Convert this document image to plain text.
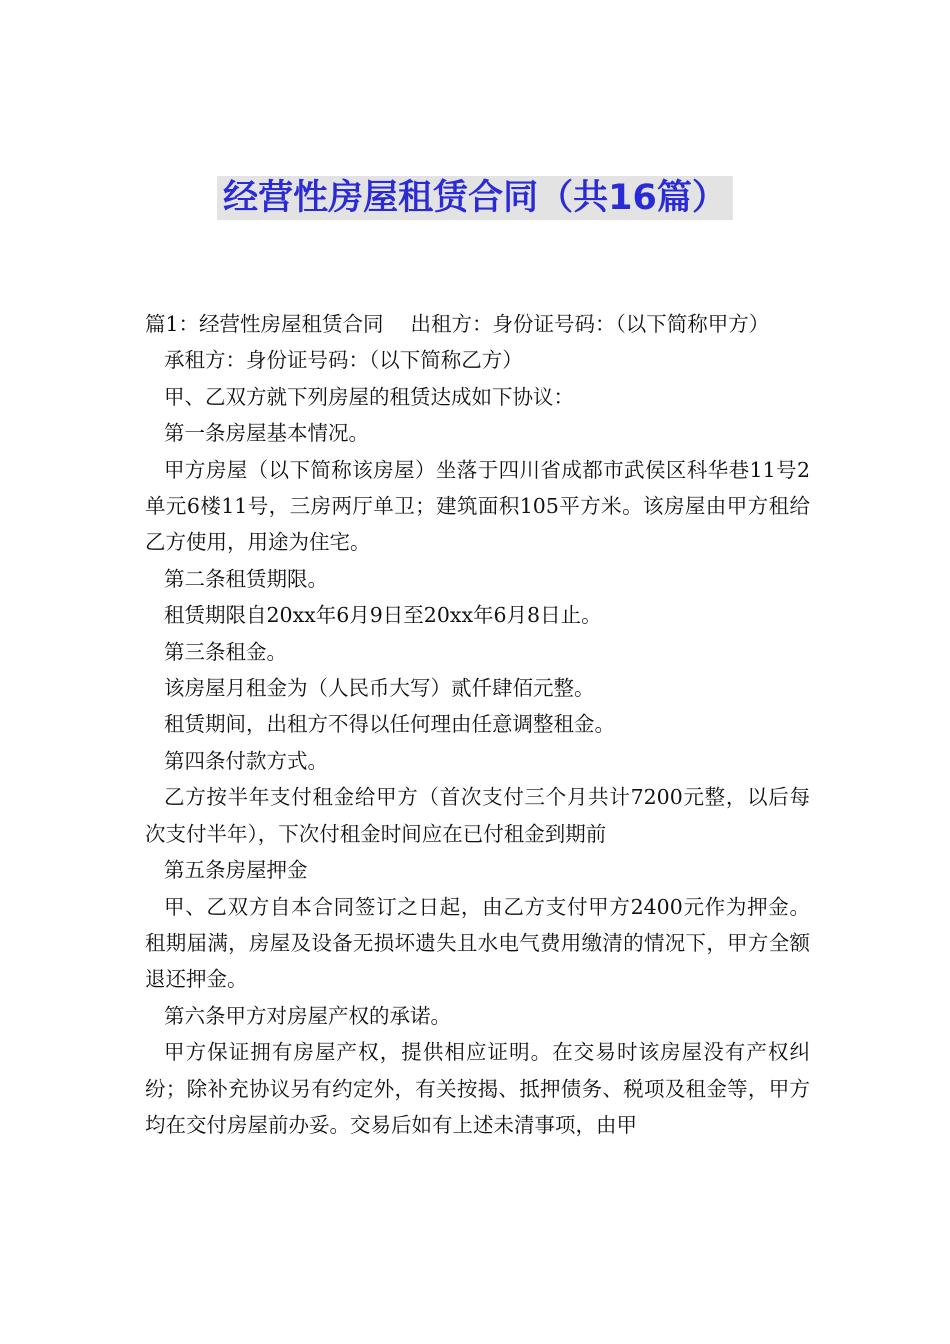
经营性房屋租赁合同（共16篇）

篇1：经营性房屋租赁合同 　出租方：身份证号码：（以下简称甲方）

承租方：身份证号码：（以下简称乙方）

甲、乙双方就下列房屋的租赁达成如下协议：

第一条房屋基本情况。

甲方房屋（以下简称该房屋）坐落于四川省成都市武侯区科华巷11号2单元6楼11号，三房两厅单卫；建筑面积105平方米。该房屋由甲方租给乙方使用，用途为住宅。

第二条租赁期限。

租赁期限自20xx年6月9日至20xx年6月8日止。

第三条租金。

该房屋月租金为（人民币大写）贰仟肆佰元整。

租赁期间，出租方不得以任何理由任意调整租金。

第四条付款方式。

乙方按半年支付租金给甲方（首次支付三个月共计7200元整，以后每次支付半年），下次付租金时间应在已付租金到期前

第五条房屋押金

甲、乙双方自本合同签订之日起，由乙方支付甲方2400元作为押金。租期届满，房屋及设备无损坏遗失且水电气费用缴清的情况下，甲方全额退还押金。

第六条甲方对房屋产权的承诺。

甲方保证拥有房屋产权，提供相应证明。在交易时该房屋没有产权纠纷；除补充协议另有约定外，有关按揭、抵押债务、税项及租金等，甲方均在交付房屋前办妥。交易后如有上述未清事项，由甲
